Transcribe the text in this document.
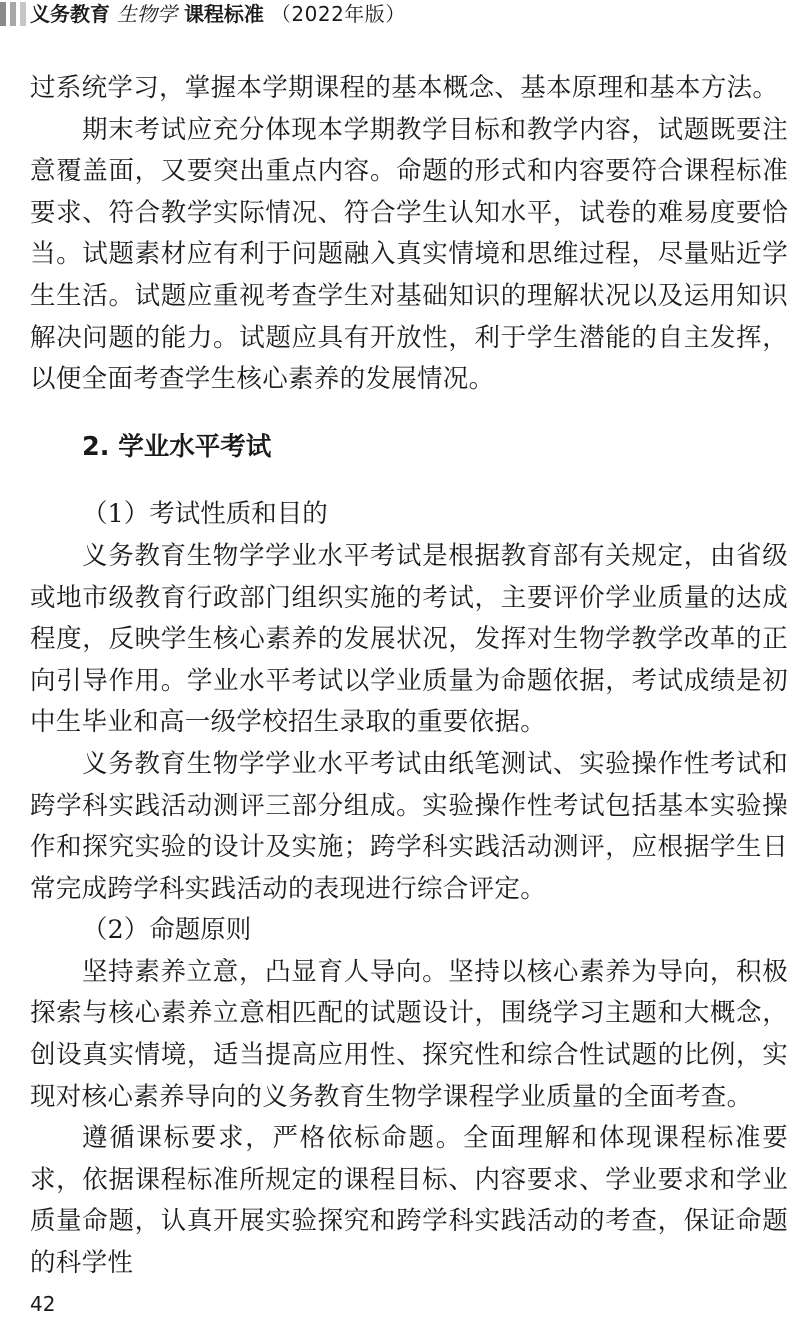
义务教育 生物学 课程标准 （2022年版）

过系统学习，掌握本学期课程的基本概念、基本原理和基本方法。

期末考试应充分体现本学期教学目标和教学内容，试题既要注意覆盖面，又要突出重点内容。命题的形式和内容要符合课程标准要求、符合教学实际情况、符合学生认知水平，试卷的难易度要恰当。试题素材应有利于问题融入真实情境和思维过程，尽量贴近学生生活。试题应重视考查学生对基础知识的理解状况以及运用知识解决问题的能力。试题应具有开放性，利于学生潜能的自主发挥，以便全面考查学生核心素养的发展情况。

2. 学业水平考试
（1）考试性质和目的

义务教育生物学学业水平考试是根据教育部有关规定，由省级或地市级教育行政部门组织实施的考试，主要评价学业质量的达成程度，反映学生核心素养的发展状况，发挥对生物学教学改革的正向引导作用。学业水平考试以学业质量为命题依据，考试成绩是初中生毕业和高一级学校招生录取的重要依据。

义务教育生物学学业水平考试由纸笔测试、实验操作性考试和跨学科实践活动测评三部分组成。实验操作性考试包括基本实验操作和探究实验的设计及实施；跨学科实践活动测评，应根据学生日常完成跨学科实践活动的表现进行综合评定。

（2）命题原则

坚持素养立意，凸显育人导向。坚持以核心素养为导向，积极探索与核心素养立意相匹配的试题设计，围绕学习主题和大概念，创设真实情境，适当提高应用性、探究性和综合性试题的比例，实现对核心素养导向的义务教育生物学课程学业质量的全面考查。

遵循课标要求，严格依标命题。全面理解和体现课程标准要求，依据课程标准所规定的课程目标、内容要求、学业要求和学业质量命题，认真开展实验探究和跨学科实践活动的考查，保证命题的科学性

42
